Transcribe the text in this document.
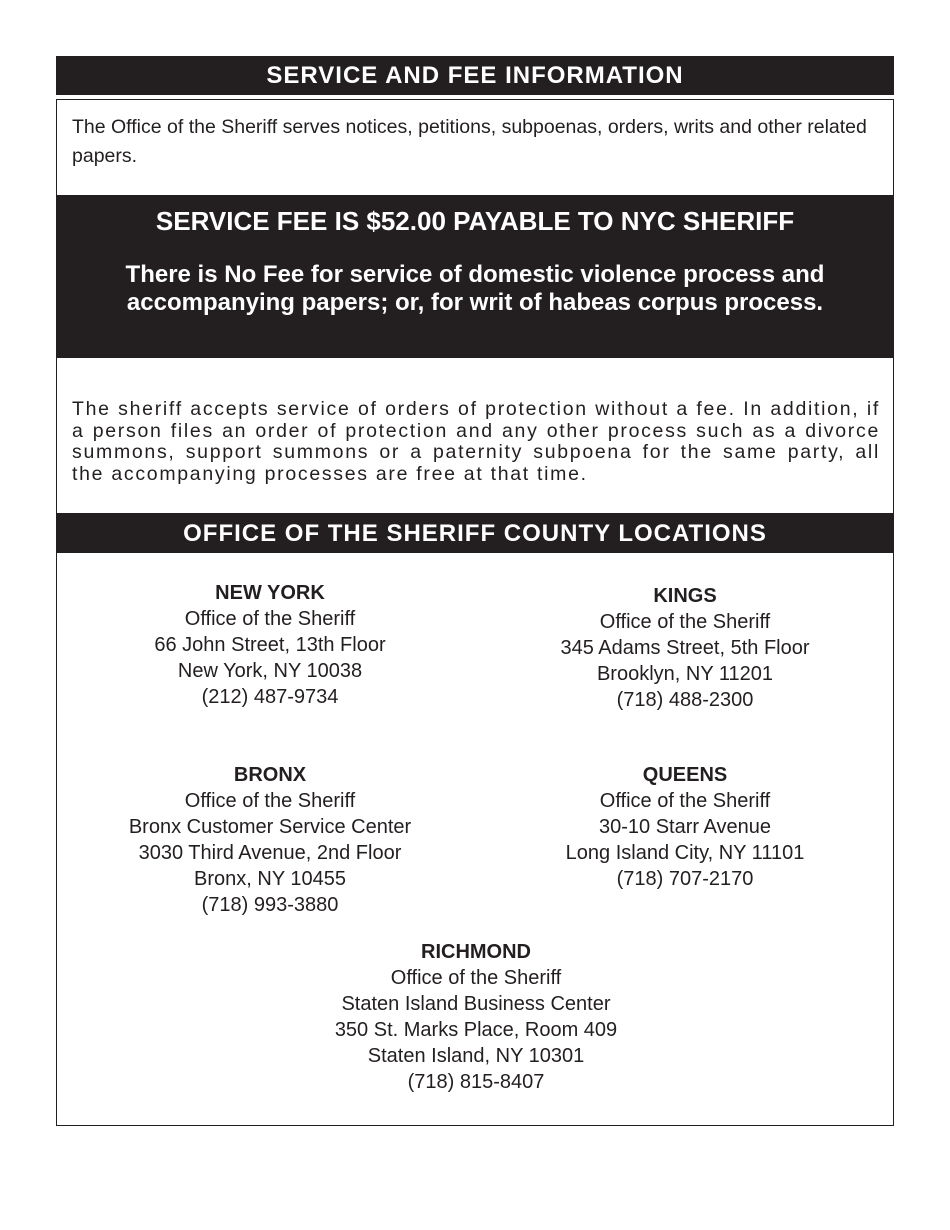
SERVICE AND FEE INFORMATION
The Office of the Sheriff serves notices, petitions, subpoenas, orders, writs and other related papers.
SERVICE FEE IS $52.00 PAYABLE TO NYC SHERIFF
There is No Fee for service of domestic violence process and accompanying papers; or, for writ of habeas corpus process.
The sheriff accepts service of orders of protection without a fee. In addition, if a person files an order of protection and any other process such as a divorce summons, support summons or a paternity subpoena for the same party, all the accompanying processes are free at that time.
OFFICE OF THE SHERIFF COUNTY LOCATIONS
NEW YORK
Office of the Sheriff
66 John Street, 13th Floor
New York, NY 10038
(212) 487-9734
KINGS
Office of the Sheriff
345 Adams Street, 5th Floor
Brooklyn, NY 11201
(718) 488-2300
BRONX
Office of the Sheriff
Bronx Customer Service Center
3030 Third Avenue, 2nd Floor
Bronx, NY 10455
(718) 993-3880
QUEENS
Office of the Sheriff
30-10 Starr Avenue
Long Island City, NY 11101
(718) 707-2170
RICHMOND
Office of the Sheriff
Staten Island Business Center
350 St. Marks Place, Room 409
Staten Island, NY 10301
(718) 815-8407
